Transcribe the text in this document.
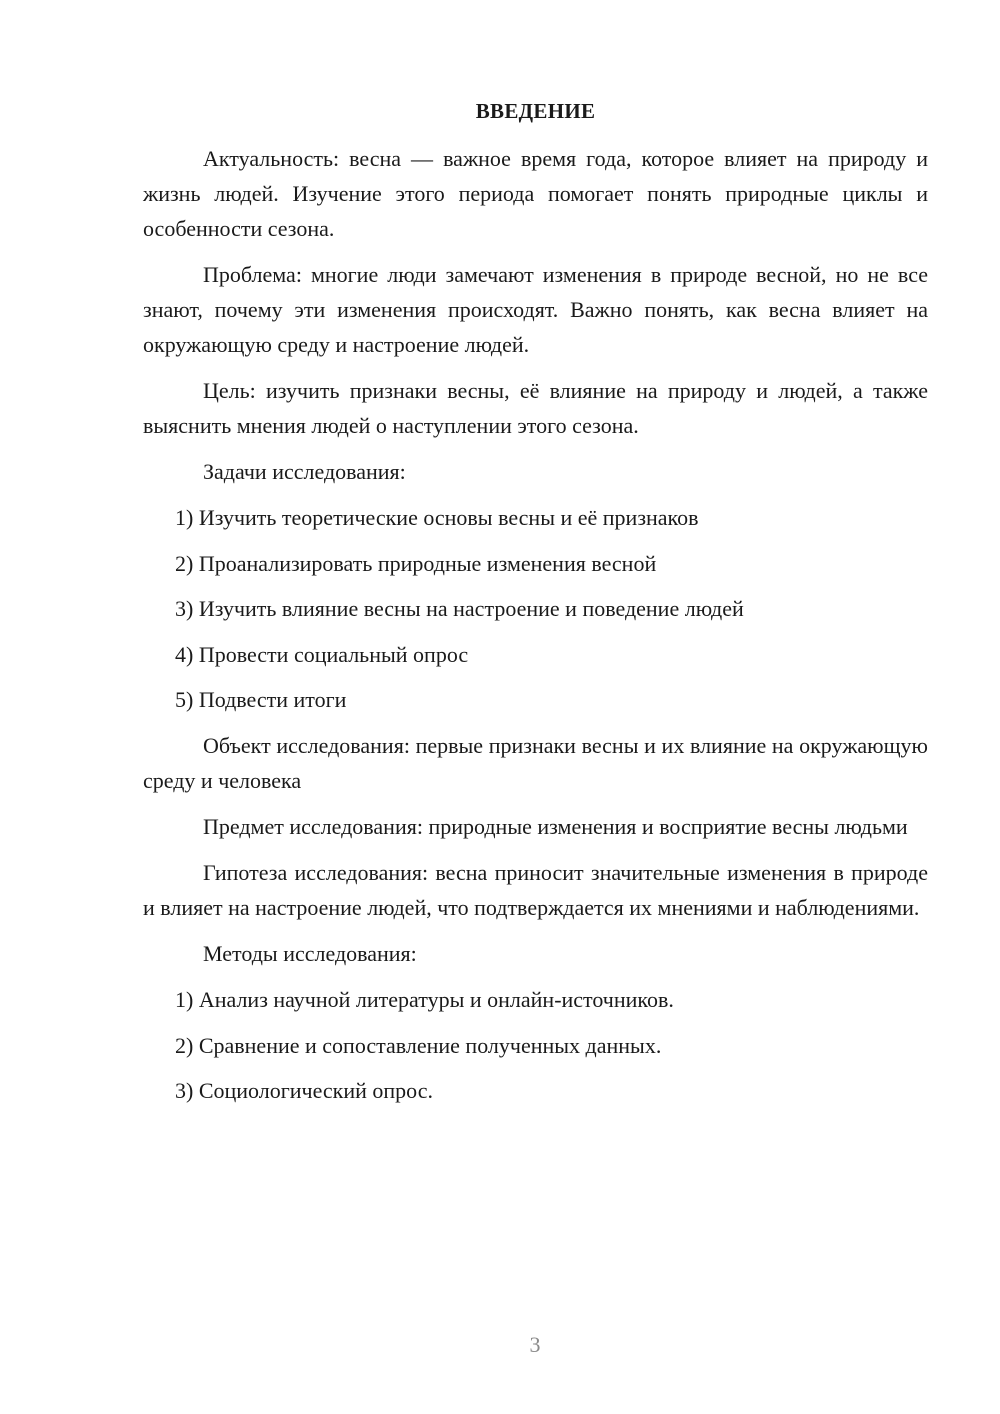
ВВЕДЕНИЕ

Актуальность: весна — важное время года, которое влияет на природу и жизнь людей. Изучение этого периода помогает понять природные циклы и особенности сезона.

Проблема: многие люди замечают изменения в природе весной, но не все знают, почему эти изменения происходят. Важно понять, как весна влияет на окружающую среду и настроение людей.

Цель: изучить признаки весны, её влияние на природу и людей, а также выяснить мнения людей о наступлении этого сезона.

Задачи исследования:

1) Изучить теоретические основы весны и её признаков
2) Проанализировать природные изменения весной
3) Изучить влияние весны на настроение и поведение людей
4) Провести социальный опрос
5) Подвести итоги

Объект исследования: первые признаки весны и их влияние на окружающую среду и человека

Предмет исследования: природные изменения и восприятие весны людьми

Гипотеза исследования: весна приносит значительные изменения в природе и влияет на настроение людей, что подтверждается их мнениями и наблюдениями.

Методы исследования:

1) Анализ научной литературы и онлайн-источников.
2) Сравнение и сопоставление полученных данных.
3) Социологический опрос.
3
